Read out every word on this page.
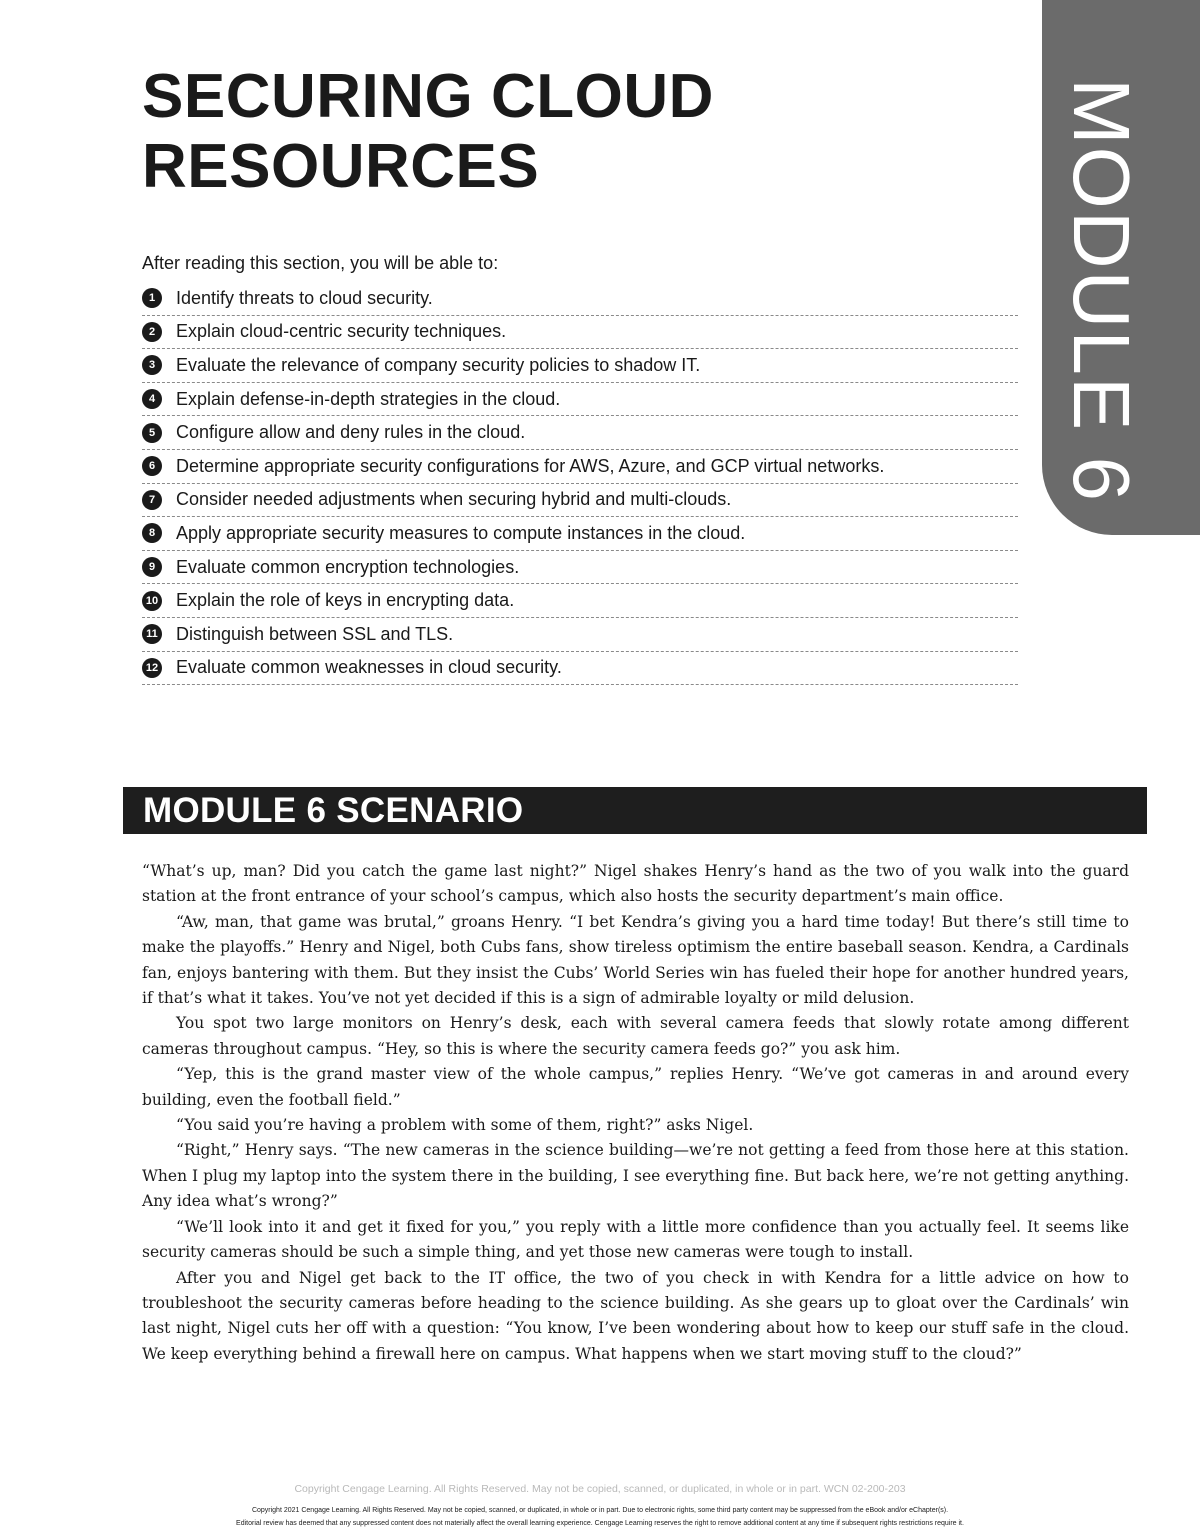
SECURING CLOUD
RESOURCES	MODULE 6
After reading this section, you will be able to:
1	Identify threats to cloud security.
2	Explain cloud-centric security techniques.
3	Evaluate the relevance of company security policies to shadow IT.
4	Explain defense-in-depth strategies in the cloud.
5	Configure allow and deny rules in the cloud.
6	Determine appropriate security configurations for AWS, Azure, and GCP virtual networks.
7	Consider needed adjustments when securing hybrid and multi-clouds.
8	Apply appropriate security measures to compute instances in the cloud.
9	Evaluate common encryption technologies.
10 Explain the role of keys in encrypting data.
11 Distinguish between SSL and TLS.
12 Evaluate common weaknesses in cloud security.
MODULE 6 SCENARIO

“What’s up, man? Did you catch the game last night?” Nigel shakes Henry’s hand as the two of you walk into the guard station at the front entrance of your school’s campus, which also hosts the security department’s main office.

“Aw, man, that game was brutal,” groans Henry. “I bet Kendra’s giving you a hard time today! But there’s still time to make the playoffs.” Henry and Nigel, both Cubs fans, show tireless optimism the entire baseball season. Kendra, a Cardinals fan, enjoys bantering with them. But they insist the Cubs’ World Series win has fueled their hope for another hundred years, if that’s what it takes. You’ve not yet decided if this is a sign of admirable loyalty or mild delusion.

You spot two large monitors on Henry’s desk, each with several camera feeds that slowly rotate among different cameras throughout campus. “Hey, so this is where the security camera feeds go?” you ask him.

“Yep, this is the grand master view of the whole campus,” replies Henry. “We’ve got cameras in and around every building, even the football field.”

“You said you’re having a problem with some of them, right?” asks Nigel.

“Right,” Henry says. “The new cameras in the science building—we’re not getting a feed from those here at this station. When I plug my laptop into the system there in the building, I see everything fine. But back here, we’re not getting anything. Any idea what’s wrong?”

“We’ll look into it and get it fixed for you,” you reply with a little more confidence than you actually feel. It seems like security cameras should be such a simple thing, and yet those new cameras were tough to install.

After you and Nigel get back to the IT office, the two of you check in with Kendra for a little advice on how to troubleshoot the security cameras before heading to the science building. As she gears up to gloat over the Cardinals’ win last night, Nigel cuts her off with a question: “You know, I’ve been wondering about how to keep our stuff safe in the cloud. We keep everything behind a firewall here on campus. What happens when we start moving stuff to the cloud?”

Copyright Cengage Learning. All Rights Reserved. May not be copied, scanned, or duplicated, in whole or in part. WCN 02-200-203
Copyright 2021 Cengage Learning. All Rights Reserved. May not be copied, scanned, or duplicated, in whole or in part. Due to electronic rights, some third party content may be suppressed from the eBook and/or eChapter(s).
Editorial review has deemed that any suppressed content does not materially affect the overall learning experience. Cengage Learning reserves the right to remove additional content at any time if subsequent rights restrictions require it.
